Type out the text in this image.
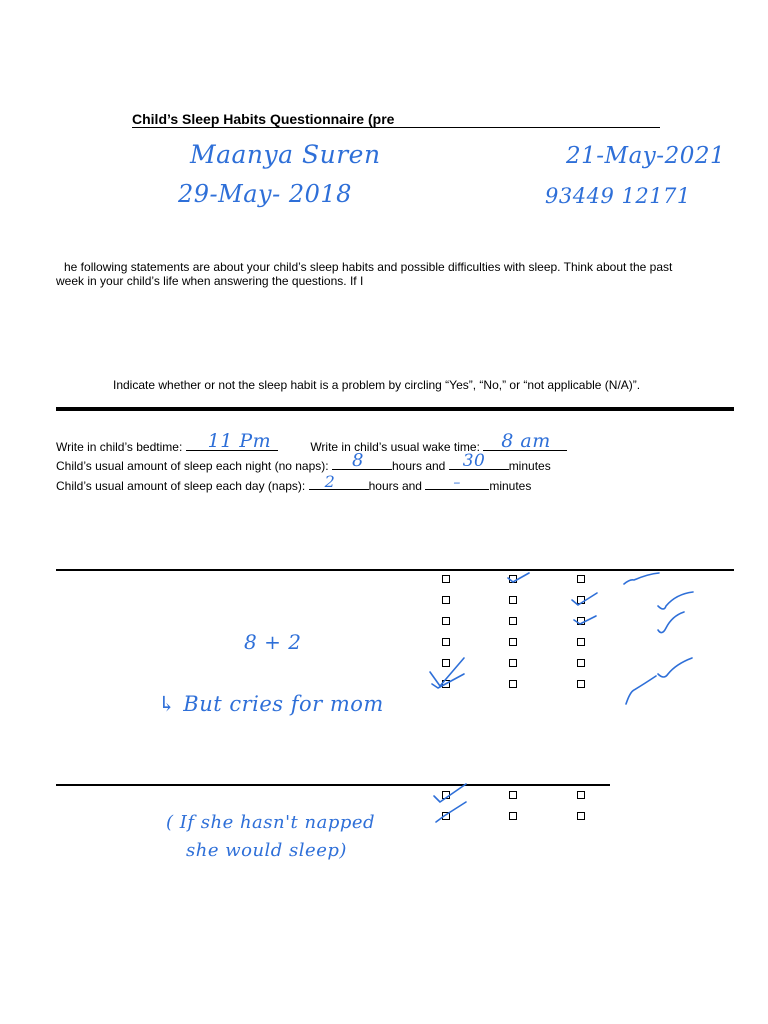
Child’s Sleep Habits Questionnaire (pre
Maanya Suren	21-May-2021
29-May- 2018	93449 12171
he following statements are about your child’s sleep habits and possible difficulties with sleep. Think about the past
week in your child’s life when answering the questions. If I
Indicate whether or not the sleep habit is a problem by circling “Yes”, “No,” or “not applicable (N/A)”.
Write in child’s bedtime: 11 Pm	Write in child’s usual wake time: 8 am
Child’s usual amount of sleep each night (no naps): 8 hours and 30 minutes
Child’s usual amount of sleep each day (naps): 2	hours and – minutes
8 + 2
↳ But cries for mom
( If she hasn't napped
she would sleep)
